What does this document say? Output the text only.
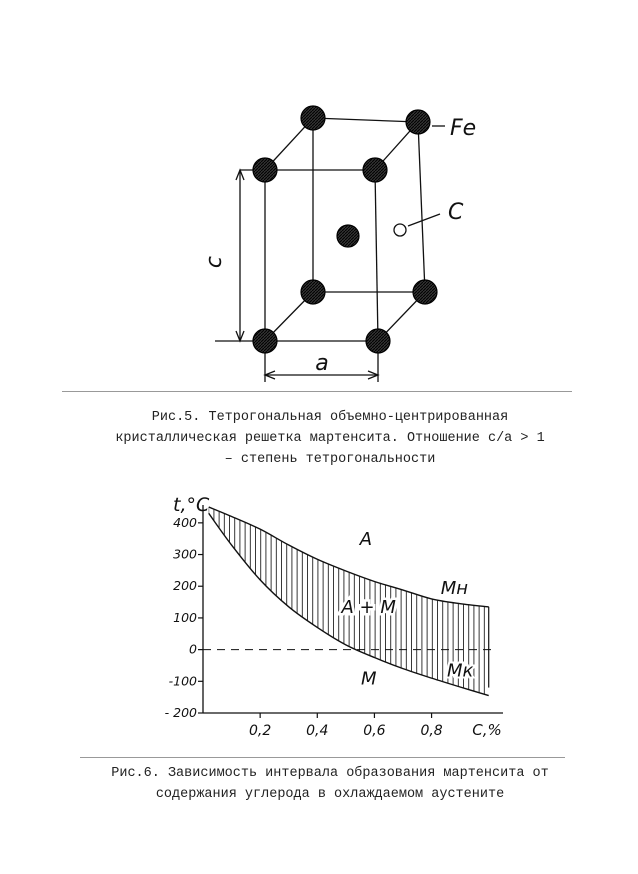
Fe
C
c
a
Рис.5. Тетрогональная объемно-центрированная
кристаллическая решетка мартенсита. Отношение c/a > 1
– степень тетрогональности
400
300
200
100
0
-100
- 200
0,2 0,4 0,6 0,8 C,%
t,°C
Мн
Мк
A
A + M
M
Рис.6. Зависимость интервала образования мартенсита от
содержания углерода в охлаждаемом аустените
